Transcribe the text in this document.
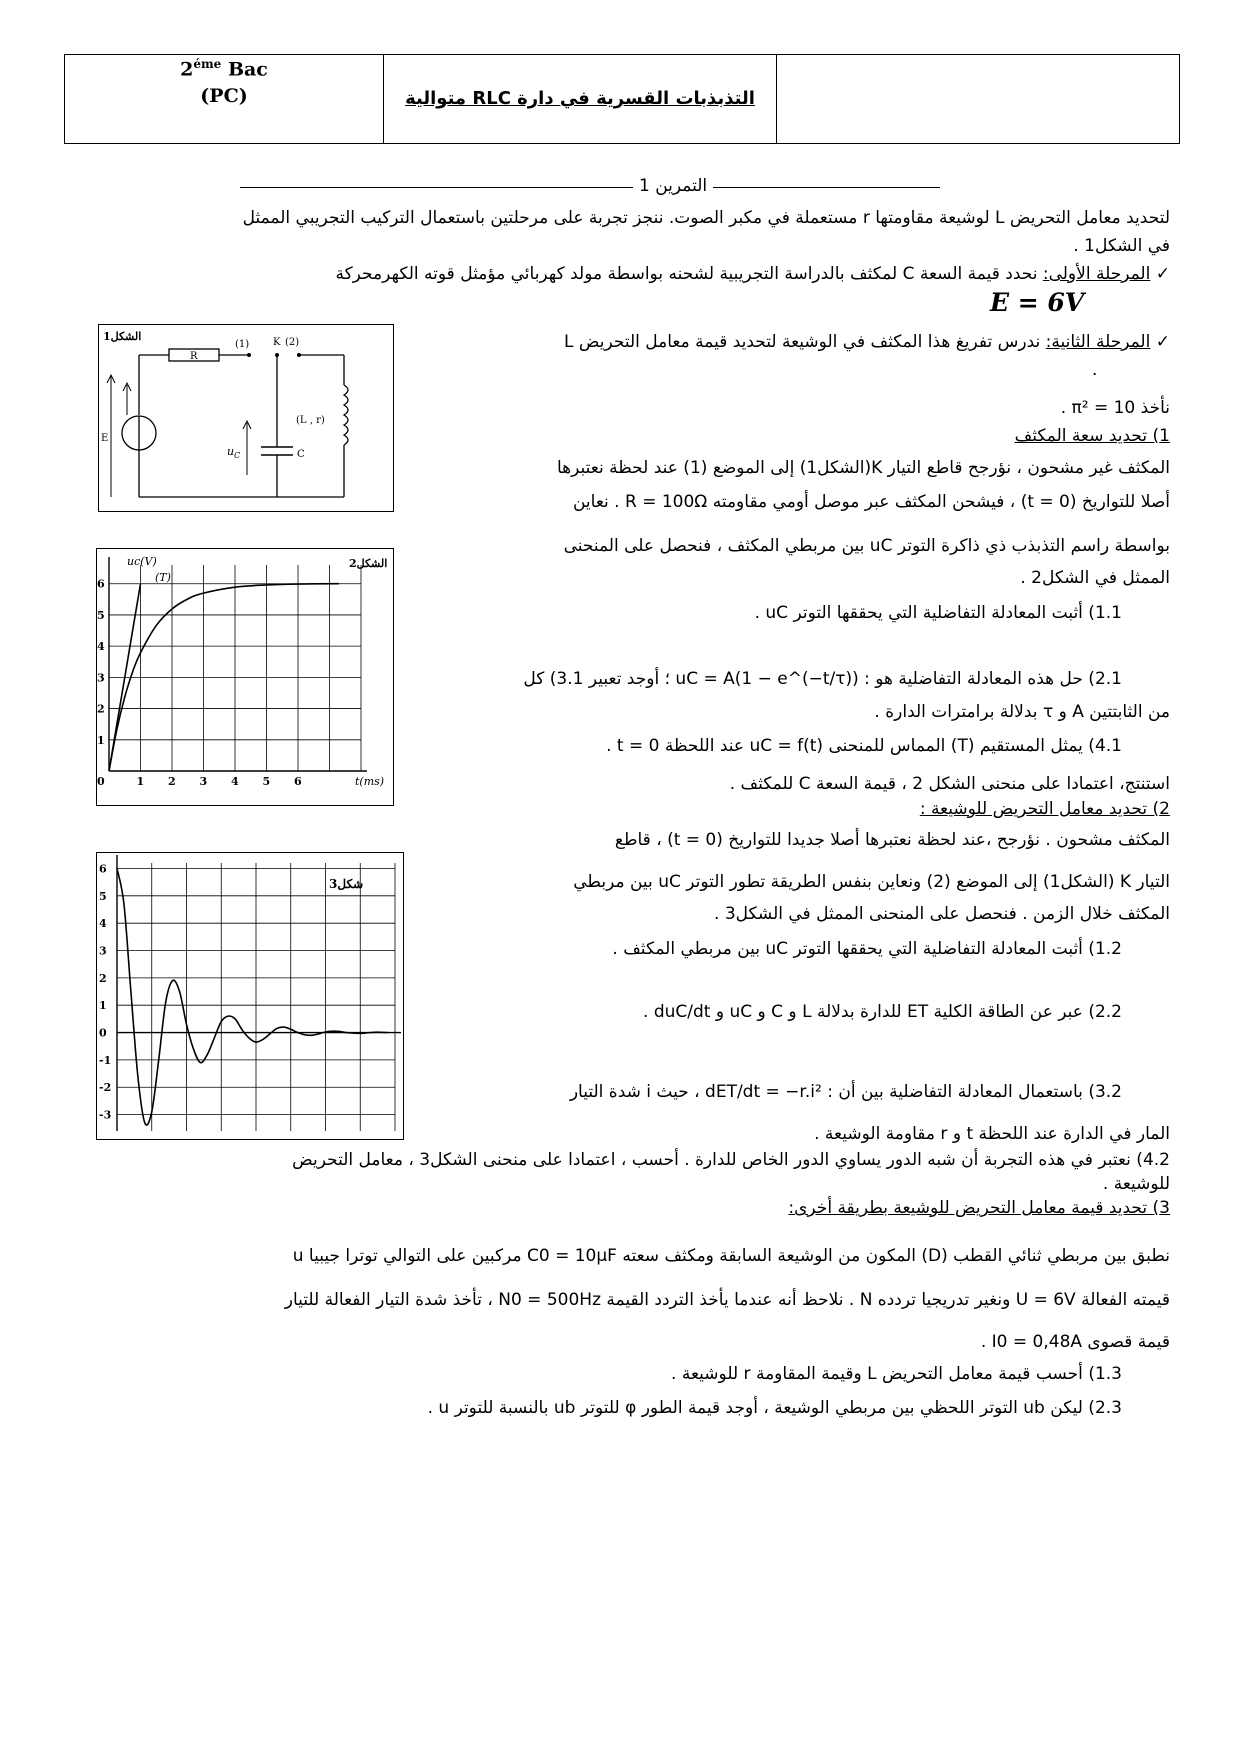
$2^{éme}$ Bac
(PC)	التذبذبات القسرية في دارة RLC متوالية
التمرين 1
لتحديد معامل التحريض L لوشيعة مقاومتها r مستعملة في مكبر الصوت. ننجز تجربة على مرحلتين باستعمال التركيب التجريبي الممثل
في الشكل1 .
✓ المرحلة الأولى: نحدد قيمة السعة C لمكثف بالدراسة التجريبية لشحنه بواسطة مولد كهربائي مؤمثل قوته الكهرمحركة
E = 6V
✓ المرحلة الثانية: ندرس تفريغ هذا المكثف في الوشيعة لتحديد قيمة معامل التحريض L
.
نأخذ π² = 10 .
1) تحديد سعة المكثف
المكثف غير مشحون ، نؤرجح قاطع التيار K(الشكل1) إلى الموضع (1) عند لحظة نعتبرها
أصلا للتواريخ (t = 0) ، فيشحن المكثف عبر موصل أومي مقاومته R = 100Ω . نعاين
بواسطة راسم التذبذب ذي ذاكرة التوتر uC بين مربطي المكثف ، فنحصل على المنحنى
الممثل في الشكل2 .
1.1) أثبت المعادلة التفاضلية التي يحققها التوتر uC .
2.1) حل هذه المعادلة التفاضلية هو : uC = A(1 − e^(−t/τ)) ؛ أوجد تعبير 3.1) كل
من الثابتتين A و τ بدلالة برامترات الدارة .
4.1) يمثل المستقيم (T) المماس للمنحنى uC = f(t) عند اللحظة t = 0 .
استنتج، اعتمادا على منحنى الشكل 2 ، قيمة السعة C للمكثف .
2) تحديد معامل التحريض للوشيعة :
المكثف مشحون . نؤرجح ،عند لحظة نعتبرها أصلا جديدا للتواريخ (t = 0) ، قاطع
التيار K (الشكل1) إلى الموضع (2) ونعاين بنفس الطريقة تطور التوتر uC بين مربطي
المكثف خلال الزمن . فنحصل على المنحنى الممثل في الشكل3 .
1.2) أثبت المعادلة التفاضلية التي يحققها التوتر uC بين مربطي المكثف .
2.2) عبر عن الطاقة الكلية ET للدارة بدلالة L و C و uC و duC/dt .
3.2) باستعمال المعادلة التفاضلية بين أن : dET/dt = −r.i² ، حيث i شدة التيار
المار في الدارة عند اللحظة t و r مقاومة الوشيعة .
4.2) نعتبر في هذه التجربة أن شبه الدور يساوي الدور الخاص للدارة . أحسب ، اعتمادا على منحنى الشكل3 ، معامل التحريض
للوشيعة .
3) تحديد قيمة معامل التحريض للوشيعة بطريقة أخرى:
نطبق بين مربطي ثنائي القطب (D) المكون من الوشيعة السابقة ومكثف سعته C0 = 10μF مركبين على التوالي توترا جيبيا u
قيمته الفعالة U = 6V ونغير تدريجيا تردده N . نلاحظ أنه عندما يأخذ التردد القيمة N0 = 500Hz ، تأخذ شدة التيار الفعالة للتيار
قيمة قصوى I0 = 0,48A .
1.3) أحسب قيمة معامل التحريض L وقيمة المقاومة r للوشيعة .
2.3) ليكن ub التوتر اللحظي بين مربطي الوشيعة ، أوجد قيمة الطور φ للتوتر ub بالنسبة للتوتر u .
الشكل1
R
(1) K (2)
(L , r)
C
$u_C$
E
الشكل2
uc(V)
t(ms)
(T)
0	1 2 3 4 5 6
1
2
3
4
5
6
شكل3
6
5
4
3
2
1
0
-1
-2
-3
